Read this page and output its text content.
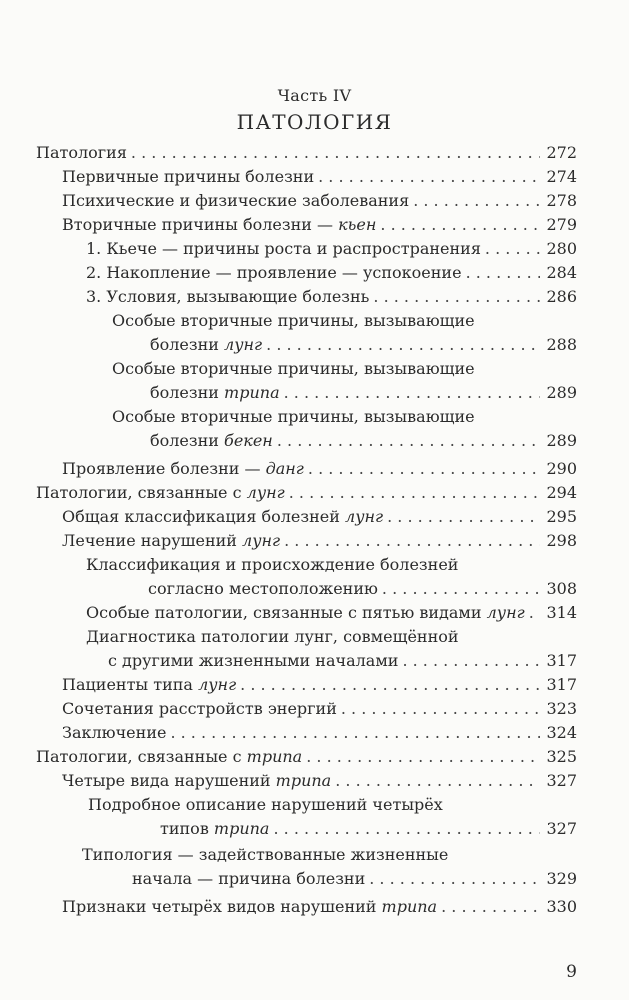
Часть IV
ПАТОЛОГИЯ
Патология . . .	272
Первичные причины болезни . . .	274
Психические и физические заболевания . . .	278
Вторичные причины болезни — кьен . . .	279
1. Кьече — причины роста и распространения . . .	280
2. Накопление — проявление — успокоение . . .	284
3. Условия, вызывающие болезнь . . .	286
Особые вторичные причины, вызывающие
болезни лунг . . .	288
Особые вторичные причины, вызывающие
болезни трипа . . .	289
Особые вторичные причины, вызывающие
болезни бекен . . .	289
Проявление болезни — данг . . .	290
Патологии, связанные с лунг . . .	294
Общая классификация болезней лунг . . .	295
Лечение нарушений лунг . . .	298
Классификация и происхождение болезней
согласно местоположению . . .	308
Особые патологии, связанные с пятью видами лунг . . . 314
Диагностика патологии лунг, совмещённой
с другими жизненными началами . . .	317
Пациенты типа лунг . . .	317
Сочетания расстройств энергий . . .	323
Заключение . . .	324
Патологии, связанные с трипа . . .	325
Четыре вида нарушений трипа . . .	327
Подробное описание нарушений четырёх
типов трипа . . .	327
Типология — задействованные жизненные
начала — причина болезни . . .	329
Признаки четырёх видов нарушений трипа . . .	330
9
